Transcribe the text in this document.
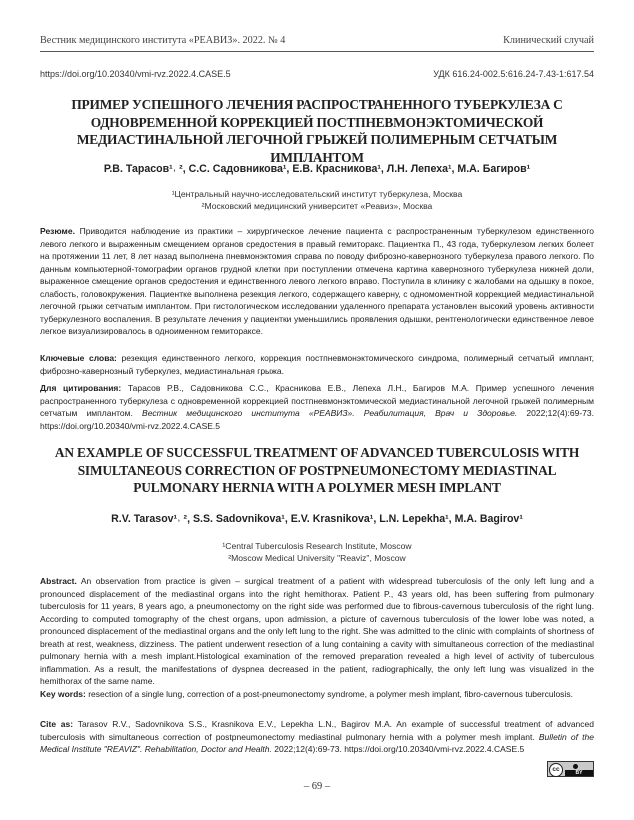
Вестник медицинского института «РЕАВИЗ». 2022. № 4	Клинический случай
https://doi.org/10.20340/vmi-rvz.2022.4.CASE.5	УДК 616.24-002.5:616.24-7.43-1:617.54
ПРИМЕР УСПЕШНОГО ЛЕЧЕНИЯ РАСПРОСТРАНЕННОГО ТУБЕРКУЛЕЗА С ОДНОВРЕМЕННОЙ КОРРЕКЦИЕЙ ПОСТПНЕВМОНЭКТОМИЧЕСКОЙ МЕДИАСТИНАЛЬНОЙ ЛЕГОЧНОЙ ГРЫЖЕЙ ПОЛИМЕРНЫМ СЕТЧАТЫМ ИМПЛАНТОМ
Р.В. Тарасов¹˒ ², С.С. Садовникова¹, Е.В. Красникова¹, Л.Н. Лепеха¹, М.А. Багиров¹
¹Центральный научно-исследовательский институт туберкулеза, Москва
²Московский медицинский университет «Реавиз», Москва
Резюме. Приводится наблюдение из практики – хирургическое лечение пациента с распространенным туберкулезом единственного левого легкого и выраженным смещением органов средостения в правый гемиторакс. Пациентка П., 43 года, туберкулезом легких болеет на протяжении 11 лет, 8 лет назад выполнена пневмонэктомия справа по поводу фиброзно-кавернозного туберкулеза правого легкого. По данным компьютерной-томографии органов грудной клетки при поступлении отмечена картина кавернозного туберкулеза нижней доли, выраженное смещение органов средостения и единственного левого легкого вправо. Поступила в клинику с жалобами на одышку в покое, слабость, головокружения. Пациентке выполнена резекция легкого, содержащего каверну, с одномоментной коррекцией медиастинальной легочной грыжи сетчатым имплантом. При гистологическом исследовании удаленного препарата установлен высокий уровень активности туберкулезного воспаления. В результате лечения у пациентки уменьшились проявления одышки, рентгенологически единственное левое легкое визуализировалось в одноименном гемитораксе.
Ключевые слова: резекция единственного легкого, коррекция постпневмонэктомического синдрома, полимерный сетчатый имплант, фиброзно-кавернозный туберкулез, медиастинальная грыжа.
Для цитирования: Тарасов Р.В., Садовникова С.С., Красникова Е.В., Лепеха Л.Н., Багиров М.А. Пример успешного лечения распространенного туберкулеза с одновременной коррекцией постпневмонэктомической медиастинальной легочной грыжей полимерным сетчатым имплантом. Вестник медицинского института «РЕАВИЗ». Реабилитация, Врач и Здоровье. 2022;12(4):69-73. https://doi.org/10.20340/vmi-rvz.2022.4.CASE.5
AN EXAMPLE OF SUCCESSFUL TREATMENT OF ADVANCED TUBERCULOSIS WITH SIMULTANEOUS CORRECTION OF POSTPNEUMONECTOMY MEDIASTINAL PULMONARY HERNIA WITH A POLYMER MESH IMPLANT
R.V. Tarasov¹˒ ², S.S. Sadovnikova¹, E.V. Krasnikova¹, L.N. Lepekha¹, M.A. Bagirov¹
¹Central Tuberculosis Research Institute, Moscow
²Moscow Medical University "Reaviz", Moscow
Abstract. An observation from practice is given – surgical treatment of a patient with widespread tuberculosis of the only left lung and a pronounced displacement of the mediastinal organs into the right hemithorax. Patient P., 43 years old, has been suffering from pulmonary tuberculosis for 11 years, 8 years ago, a pneumonectomy on the right side was performed due to fibrous-cavernous tuberculosis of the right lung. According to computed tomography of the chest organs, upon admission, a picture of cavernous tuberculosis of the lower lobe was noted, a pronounced displacement of the mediastinal organs and the only left lung to the right. She was admitted to the clinic with complaints of shortness of breath at rest, weakness, dizziness. The patient underwent resection of a lung containing a cavity with simultaneous correction of the mediastinal pulmonary hernia with a mesh implant.Histological examination of the removed preparation revealed a high level of activity of tuberculous inflammation. As a result, the manifestations of dyspnea decreased in the patient, radiographically, the only left lung was visualized in the hemithorax of the same name.
Key words: resection of a single lung, correction of a post-pneumonectomy syndrome, a polymer mesh implant, fibro-cavernous tuberculosis.
Cite as: Tarasov R.V., Sadovnikova S.S., Krasnikova E.V., Lepekha L.N., Bagirov M.A. An example of successful treatment of advanced tuberculosis with simultaneous correction of postpneumonectomy mediastinal pulmonary hernia with a polymer mesh implant. Bulletin of the Medical Institute "REAVIZ". Rehabilitation, Doctor and Health. 2022;12(4):69-73. https://doi.org/10.20340/vmi-rvz.2022.4.CASE.5
cc	BY
– 69 –
